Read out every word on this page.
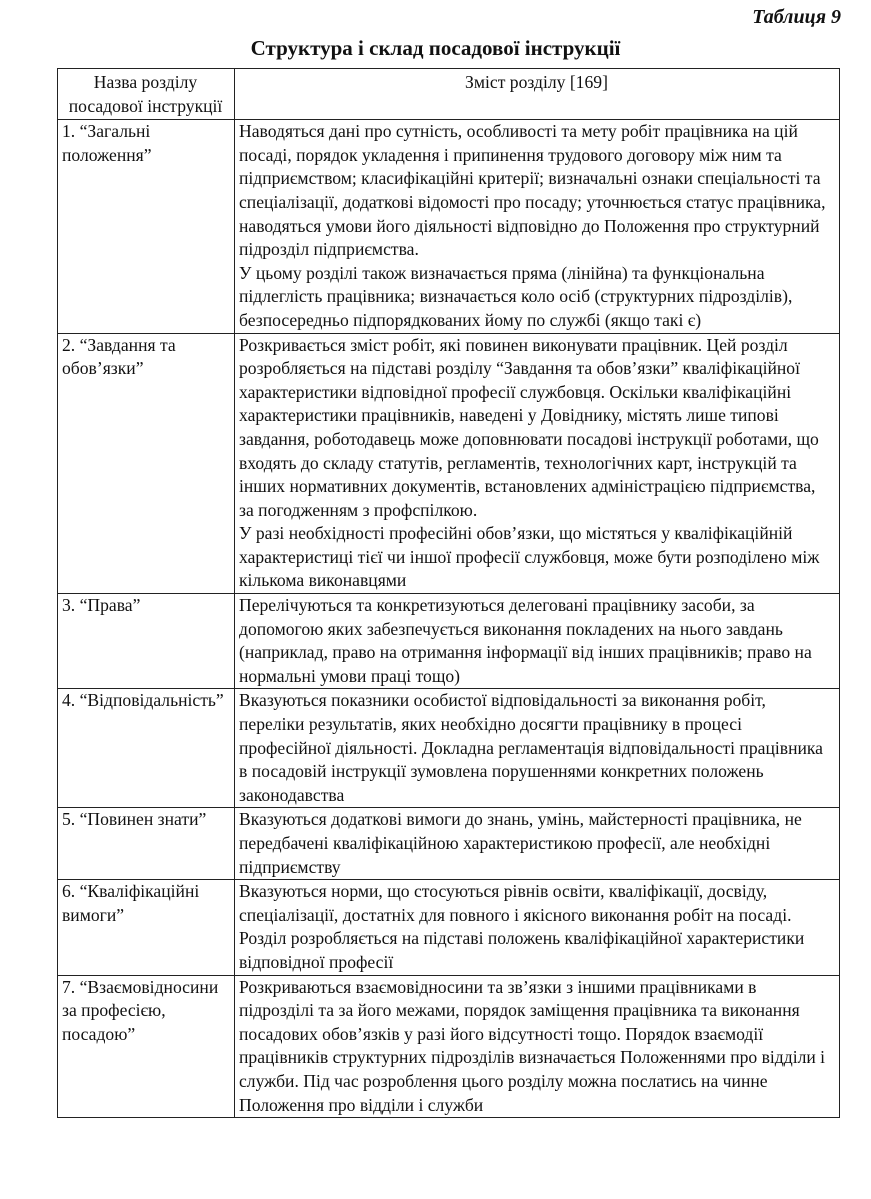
Таблиця 9
Структура і склад посадової інструкції
Назва розділу посадової інструкції	Зміст розділу [169]
1. “Загальні положення”	Наводяться дані про сутність, особливості та мету робіт працівника на цій посаді, порядок укладення і припинення трудового договору між ним та підприємством; класифікаційні критерії; визначальні ознаки спеціальності та спеціалізації, додаткові відомості про посаду; уточнюється статус працівника, наводяться умови його діяльності відповідно до Положення про структурний підрозділ підприємства.
У цьому розділі також визначається пряма (лінійна) та функціональна підлеглість працівника; визначається коло осіб (структурних підрозділів), безпосередньо підпорядкованих йому по службі (якщо такі є)

2. “Завдання та обов’язки”	Розкривається зміст робіт, які повинен виконувати працівник. Цей розділ розробляється на підставі розділу “Завдання та обов’язки” кваліфікаційної характеристики відповідної професії службовця. Оскільки кваліфікаційні характеристики працівників, наведені у Довіднику, містять лише типові завдання, роботодавець може доповнювати посадові інструкції роботами, що входять до складу статутів, регламентів, технологічних карт, інструкцій та інших нормативних документів, встановлених адміністрацією підприємства, за погодженням з профспілкою.
У разі необхідності професійні обов’язки, що містяться у кваліфікаційній характеристиці тієї чи іншої професії службовця, може бути розподілено між кількома виконавцями

3. “Права”	Перелічуються та конкретизуються делеговані працівнику засоби, за допомогою яких забезпечується виконання покладених на нього завдань (наприклад, право на отримання інформації від інших працівників; право на нормальні умови праці тощо)

4. “Відповідальність”	Вказуються показники особистої відповідальності за виконання робіт, переліки результатів, яких необхідно досягти працівнику в процесі професійної діяльності. Докладна регламентація відповідальності працівника в посадовій інструкції зумовлена порушеннями конкретних положень законодавства

5. “Повинен знати”	Вказуються додаткові вимоги до знань, умінь, майстерності працівника, не передбачені кваліфікаційною характеристикою професії, але необхідні підприємству

6. “Кваліфікаційні вимоги”	Вказуються норми, що стосуються рівнів освіти, кваліфікації, досвіду, спеціалізації, достатніх для повного і якісного виконання робіт на посаді. Розділ розробляється на підставі положень кваліфікаційної характеристики відповідної професії

7. “Взаємовідносини за професією, посадою”	Розкриваються взаємовідносини та зв’язки з іншими працівниками в підрозділі та за його межами, порядок заміщення працівника та виконання посадових обов’язків у разі його відсутності тощо. Порядок взаємодії працівників структурних підрозділів визначається Положеннями про відділи і служби. Під час розроблення цього розділу можна послатись на чинне Положення про відділи і служби
